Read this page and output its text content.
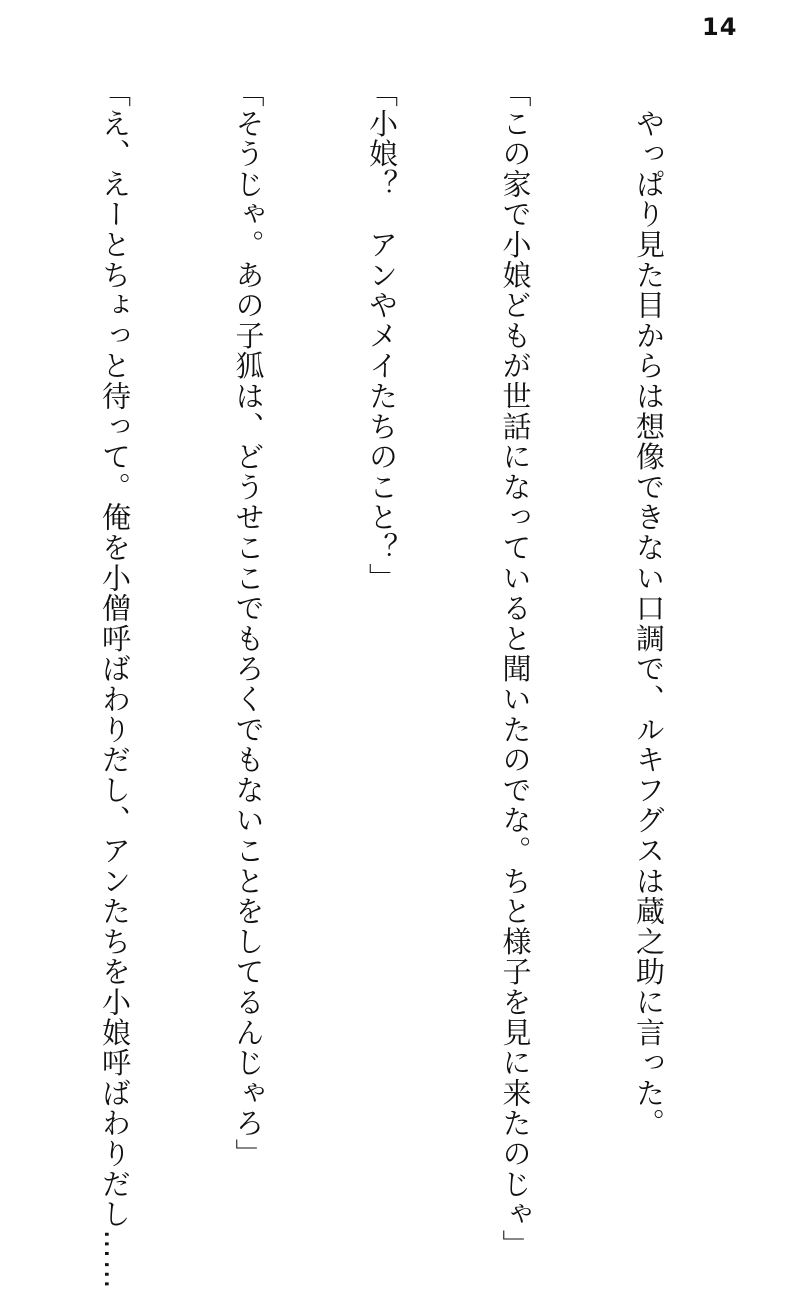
14

　やっぱり見た目からは想像できない口調で、ルキフグスは蔵之助に言った。

「この家で小娘どもが世話になっていると聞いたのでな。ちと様子を見に来たのじゃ」

「小娘？　アンやメイたちのこと？」

「そうじゃ。あの子狐は、どうせここでもろくでもないことをしてるんじゃろ」

「え、えーとちょっと待って。俺を小僧呼ばわりだし、アンたちを小娘呼ばわりだし……
